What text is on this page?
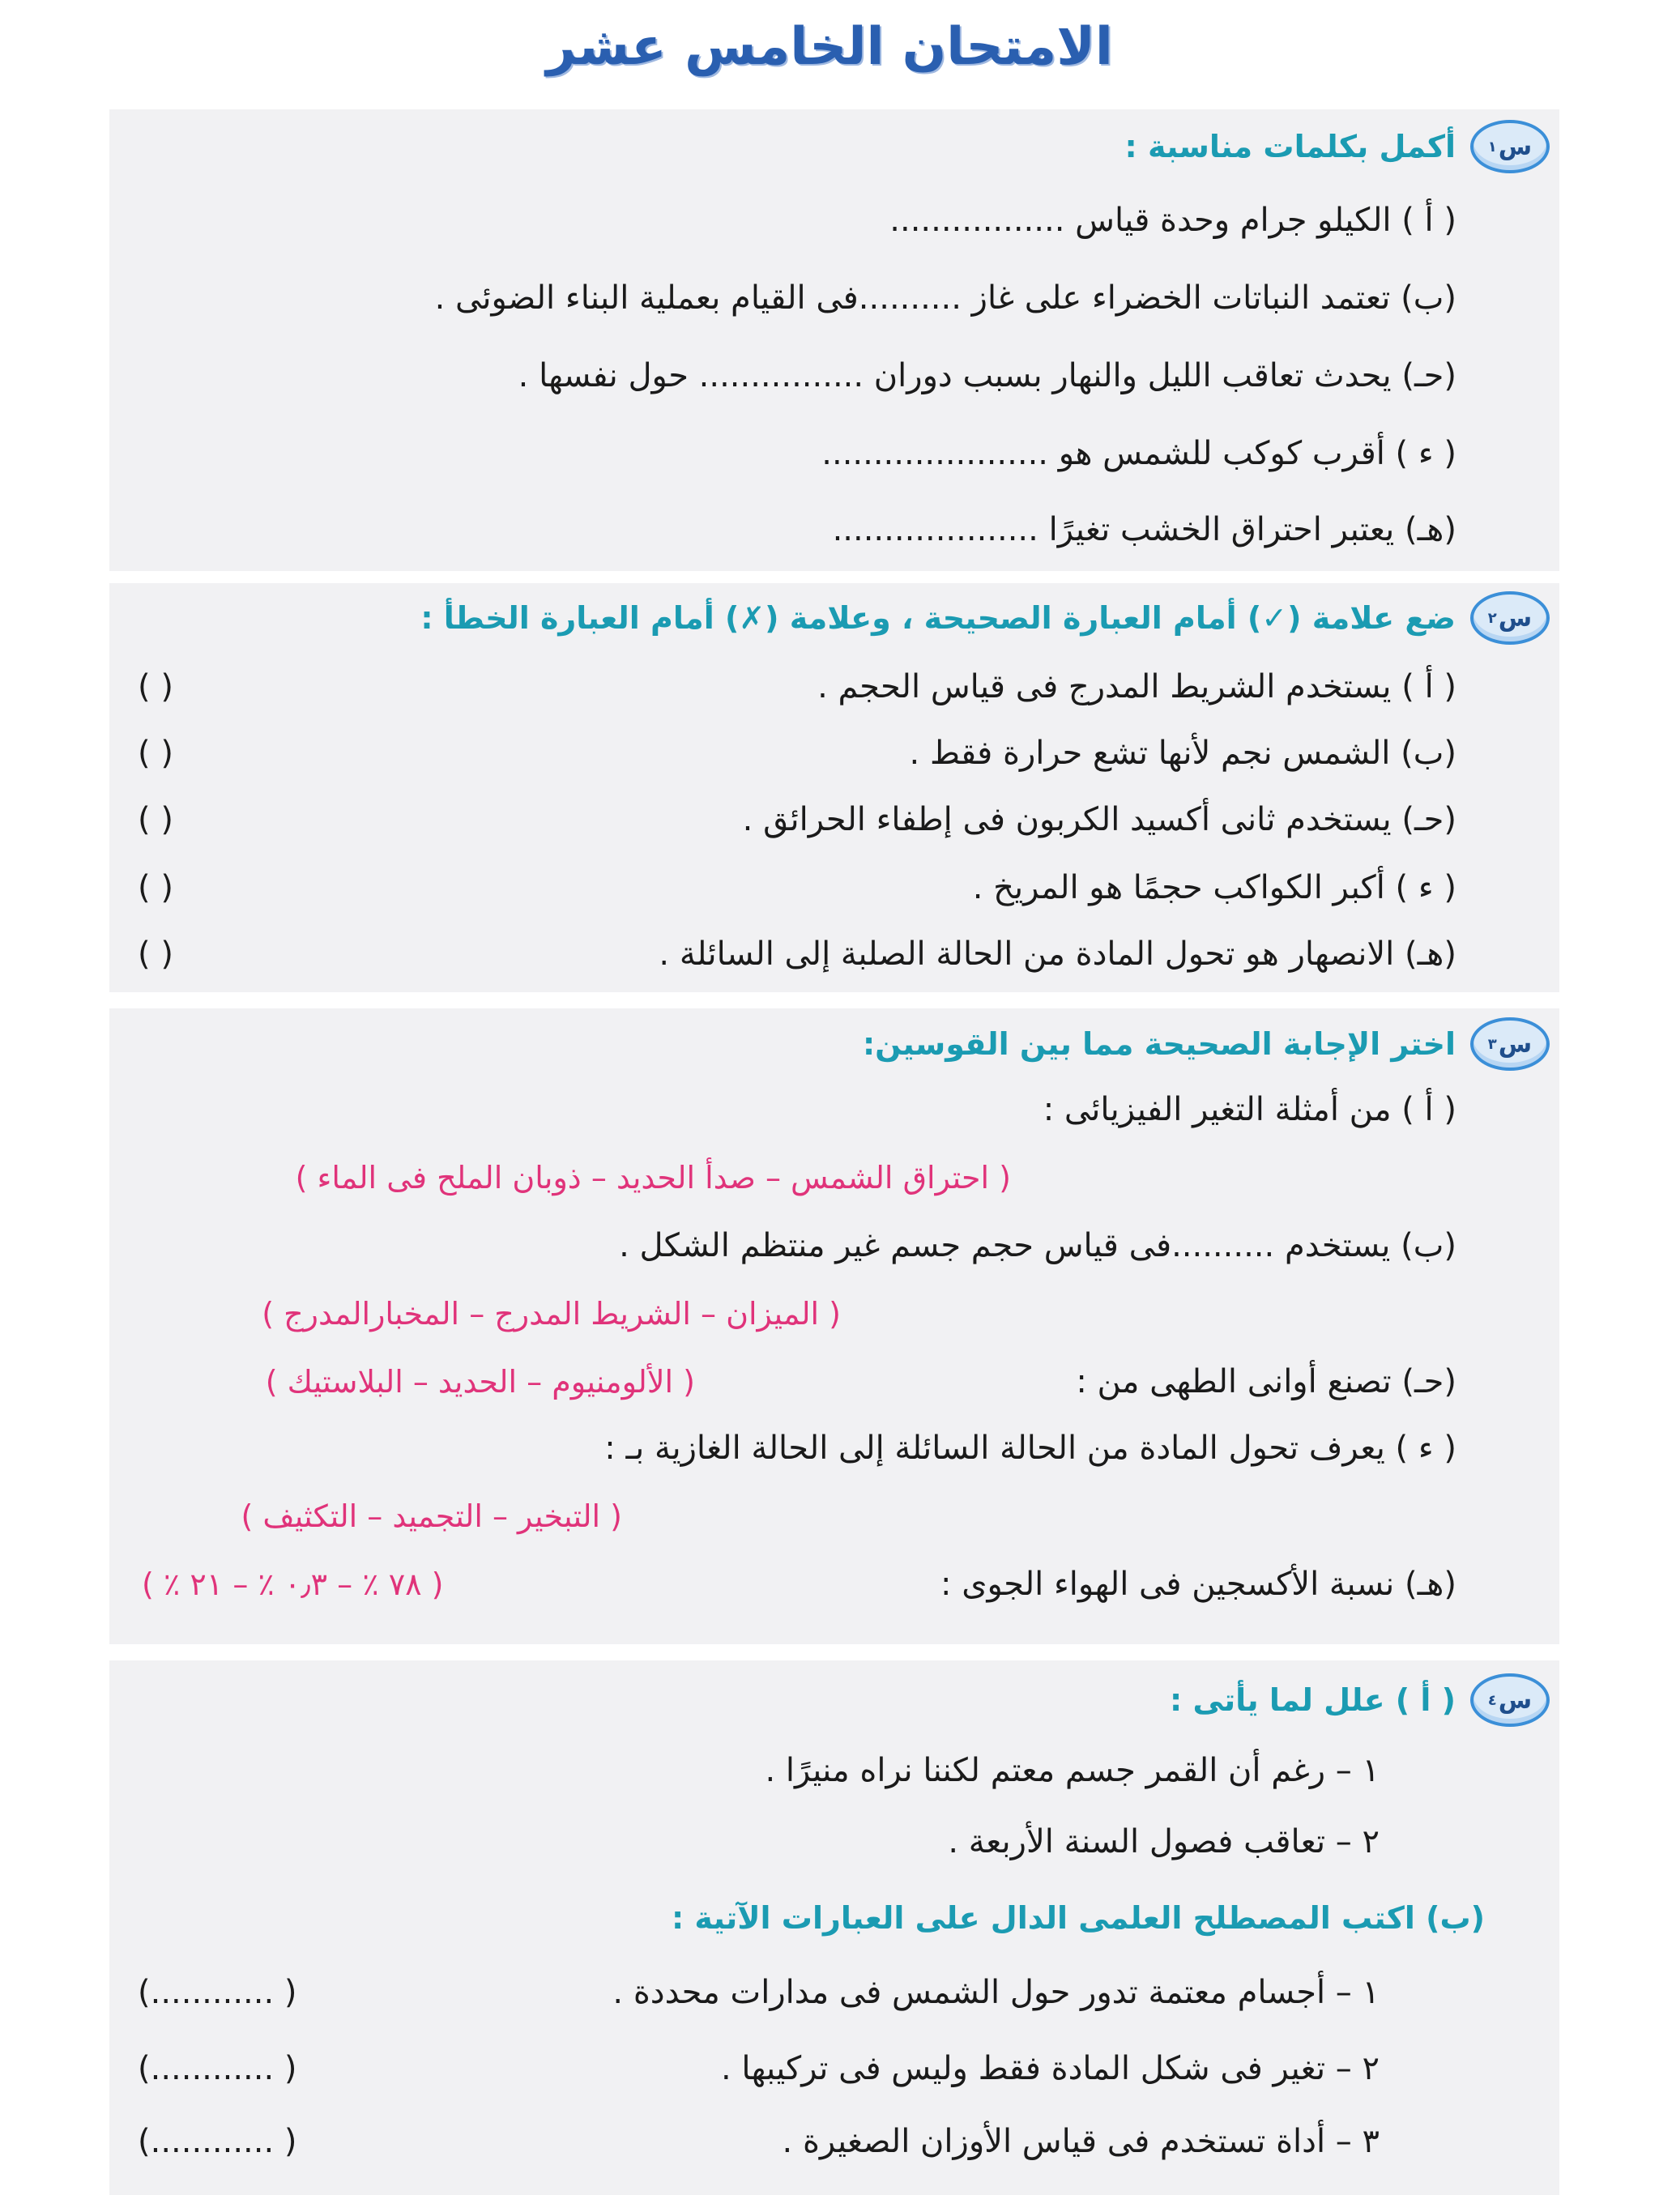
الامتحان الخامس عشر
س
١
أكمل بكلمات مناسبة :
( أ ) الكيلو جرام وحدة قياس .................
(ب) تعتمد النباتات الخضراء على غاز ..........فى القيام بعملية البناء الضوئى .
(حـ) يحدث تعاقب الليل والنهار بسبب دوران ................ حول نفسها .
( ء ) أقرب كوكب للشمس هو ......................
(هـ) يعتبر احتراق الخشب تغيرًا ....................
س
٢
ضع علامة (✓) أمام العبارة الصحيحة ، وعلامة (✗) أمام العبارة الخطأ :
( أ ) يستخدم الشريط المدرج فى قياس الحجم .
( )
(ب) الشمس نجم لأنها تشع حرارة فقط .
( )
(حـ) يستخدم ثانى أكسيد الكربون فى إطفاء الحرائق .
( )
( ء ) أكبر الكواكب حجمًا هو المريخ .
( )
(هـ) الانصهار هو تحول المادة من الحالة الصلبة إلى السائلة .
( )
س
٣
اختر الإجابة الصحيحة مما بين القوسين:
( أ ) من أمثلة التغير الفيزيائى :
( احتراق الشمس – صدأ الحديد – ذوبان الملح فى الماء )
(ب) يستخدم ..........فى قياس حجم جسم غير منتظم الشكل .
( الميزان – الشريط المدرج – المخبارالمدرج )
(حـ) تصنع أوانى الطهى من :
( الألومنيوم – الحديد – البلاستيك )
( ء ) يعرف تحول المادة من الحالة السائلة إلى الحالة الغازية بـ :
( التبخير – التجميد – التكثيف )
(هـ) نسبة الأكسجين فى الهواء الجوى :
( ٧٨ ٪ – ٠٫٣ ٪ – ٢١ ٪ )
س
٤
( أ ) علل لما يأتى :
١ – رغم أن القمر جسم معتم لكننا نراه منيرًا .
٢ – تعاقب فصول السنة الأربعة .
(ب) اكتب المصطلح العلمى الدال على العبارات الآتية :
١ – أجسام معتمة تدور حول الشمس فى مدارات محددة .
(............ )
٢ – تغير فى شكل المادة فقط وليس فى تركيبها .
(............ )
٣ – أداة تستخدم فى قياس الأوزان الصغيرة .
(............ )
